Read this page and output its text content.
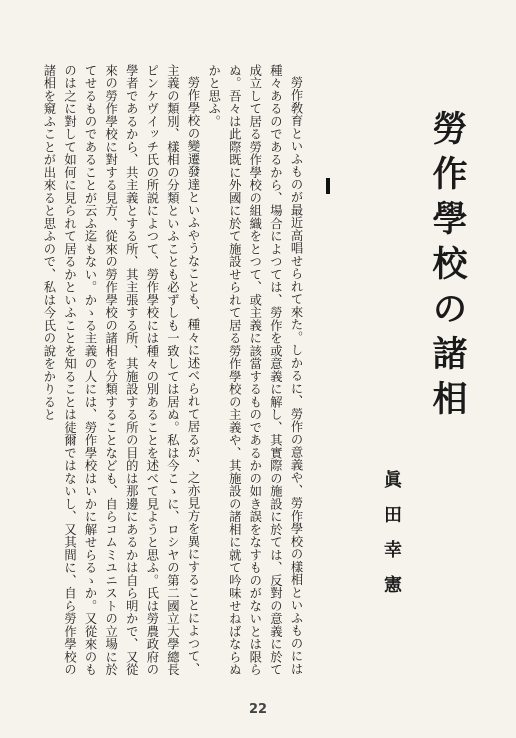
勞作學校の諸相
眞田幸憲

勞作敎育といふものが最近高唱せられて來た。しかるに、勞作の意義や、勞作學校の樣相といふものには種々あるのであるから、場合によつては、勞作を或意義に解し、其實際の施設に於ては、反對の意義に於て成立して居る勞作學校の組織をとつて、或主義に該當するものであるかの如き誤をなすものがないとは限らぬ。吾々は此際既に外國に於て施設せられて居る勞作學校の主義や、其施設の諸相に就て吟味せねばならぬかと思ふ。

勞作學校の變遷發達といふやうなことも、種々に述べられて居るが、之亦見方を異にすることによつて、主義の類別、樣相の分類といふことも必ずしも一致しては居ぬ。私は今こゝに、ロシヤの第二國立大學總長ピンケヴイッチ氏の所説によつて、勞作學校には種々の別あることを述べて見ようと思ふ。氏は勞農政府の學者であるから、共主義とする所、其主張する所、其施設する所の目的は那邊にあるかは自ら明かで、又從來の勞作學校に對する見方、從來の勞作學校の諸相を分類することなども、自らコムミユニストの立場に於てせるものであることが云ふ迄もない。かゝる主義の人には、勞作學校はいかに解せらるゝか。又從來のものは之に對して如何に見られて居るかといふことを知ることは徒爾ではないし、又其間に、自ら勞作學校の諸相を窺ふことが出來ると思ふので、私は今氏の說をかりると

22
